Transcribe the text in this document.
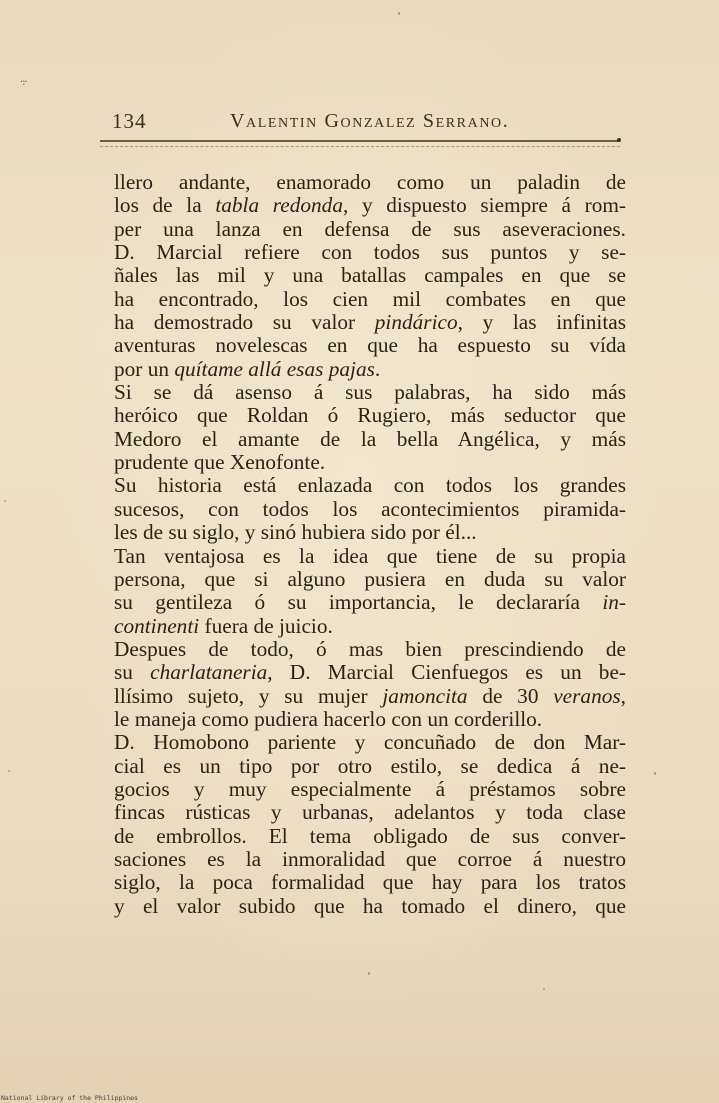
·:·
134	Valentin Gonzalez Serrano.
llero andante, enamorado como un paladin de
los de la tabla redonda, y dispuesto siempre á rom-
per una lanza en defensa de sus aseveraciones.
D. Marcial refiere con todos sus puntos y se-
ñales las mil y una batallas campales en que se
ha encontrado, los cien mil combates en que
ha demostrado su valor pindárico, y las infinitas
aventuras novelescas en que ha espuesto su vída
por un quítame allá esas pajas.
Si se dá asenso á sus palabras, ha sido más
heróico que Roldan ó Rugiero, más seductor que
Medoro el amante de la bella Angélica, y más
prudente que Xenofonte.
Su historia está enlazada con todos los grandes
sucesos, con todos los acontecimientos piramida-
les de su siglo, y sinó hubiera sido por él...
Tan ventajosa es la idea que tiene de su propia
persona, que si alguno pusiera en duda su valor
su gentileza ó su importancia, le declararía in-
continenti fuera de juicio.
Despues de todo, ó mas bien prescindiendo de
su charlataneria, D. Marcial Cienfuegos es un be-
llísimo sujeto, y su mujer jamoncita de 30 veranos,
le maneja como pudiera hacerlo con un corderillo.
D. Homobono pariente y concuñado de don Mar-
cial es un tipo por otro estilo, se dedica á ne-
gocios y muy especialmente á préstamos sobre
fincas rústicas y urbanas, adelantos y toda clase
de embrollos. El tema obligado de sus conver-
saciones es la inmoralidad que corroe á nuestro
siglo, la poca formalidad que hay para los tratos
y el valor subido que ha tomado el dinero, que
National Library of the Philippines
